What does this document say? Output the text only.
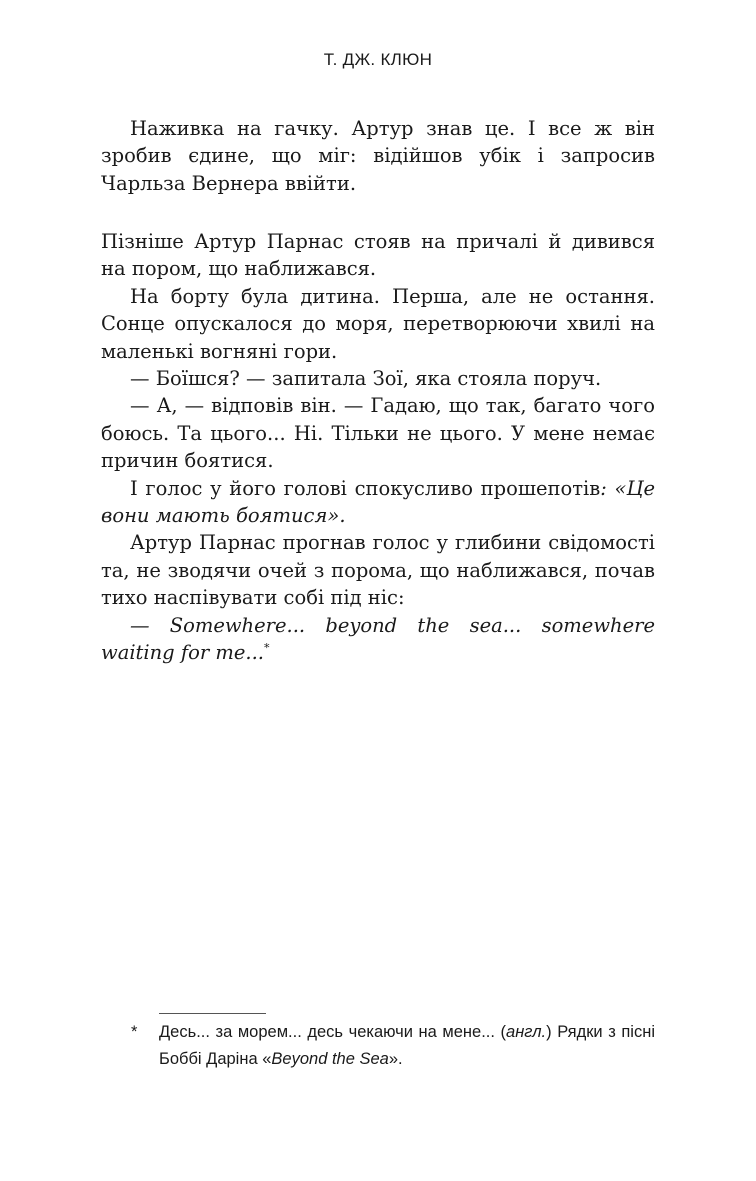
Т. ДЖ. КЛЮН

Наживка на гачку. Артур знав це. І все ж він зробив єдине, що міг: відійшов убік і запросив Чарльза Вернера ввійти.

Пізніше Артур Парнас стояв на причалі й дивився на пором, що наближався.

На борту була дитина. Перша, але не остання. Сонце опускалося до моря, перетворюючи хвилі на маленькі вогняні гори.

— Боїшся? — запитала Зої, яка стояла поруч.

— А, — відповів він. — Гадаю, що так, багато чого боюсь. Та цього... Ні. Тільки не цього. У мене немає причин боятися.

І голос у його голові спокусливо прошепотів: «Це вони мають боятися».

Артур Парнас прогнав голос у глибини свідомості та, не зводячи очей з порома, що наближався, почав тихо наспівувати собі під ніс:

— Somewhere... beyond the sea... somewhere waiting for me...*

* Десь... за морем... десь чекаючи на мене... (англ.) Рядки з пісні Боббі Даріна «Beyond the Sea».
